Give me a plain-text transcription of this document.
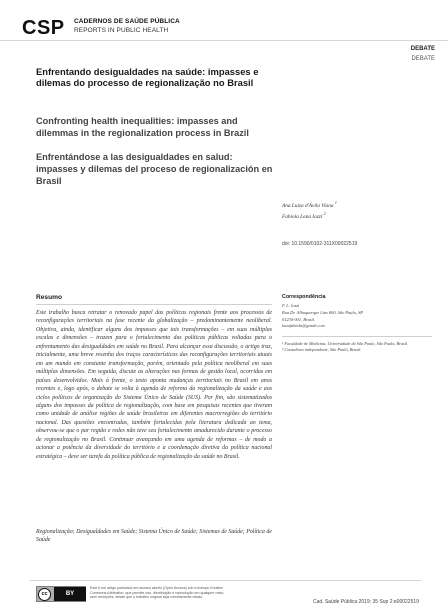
CSP CADERNOS DE SAÚDE PÚBLICA
REPORTS IN PUBLIC HEALTH
DEBATE
DEBATE
Enfrentando desigualdades na saúde: impasses e dilemas do processo de regionalização no Brasil
Confronting health inequalities: impasses and dilemmas in the regionalization process in Brazil
Enfrentándose a las desigualdades en salud: impasses y dilemas del proceso de regionalización en Brasil
Ana Luiza d'Ávila Viana $^1$
Fabíola Lana Iozzi $^2$
doi: 10.1590/0102-311X00022519
Resumo

Este trabalho busca retratar o renovado papel das políticas regionais frente aos processos de reconfigurações territoriais na fase recente da globalização – predominantemente neoliberal. Objetiva, ainda, identificar alguns dos impasses que tais transformações – em suas múltiplas escalas e dimensões – trazem para o fortalecimento das políticas públicas voltadas para o enfrentamento das desigualdades em saúde no Brasil. Para alcançar essa discussão, o artigo traz, inicialmente, uma breve resenha dos traços característicos das reconfigurações territoriais atuais em um mundo em constante transformação, porém, orientado pela política neoliberal em suas múltiplas dimensões. Em seguida, discute as alterações nas formas de gestão local, ocorridas em países desenvolvidos. Mais à frente, o texto aponta mudanças territoriais no Brasil em anos recentes e, logo após, o debate se volta à agenda de reforma da regionalização da saúde e aos ciclos políticos de organização do Sistema Único de Saúde (SUS). Por fim, são sistematizados alguns dos impasses da política de regionalização, com base em pesquisas recentes que tiveram como unidade de análise regiões de saúde brasileiras em diferentes macrorregiões do território nacional. Das questões encontradas, também fortalecidas pela literatura dedicada ao tema, observou-se que o par região e redes não teve seu fortalecimento amadurecido durante o processo de regionalização no Brasil. Continuar avançando em uma agenda de reformas – de modo a acionar a potência da diversidade do território e a coordenação diretiva da política nacional estratégica – deve ser tarefa da política pública de regionalização da saúde no Brasil.

Regionalização; Desigualdades em Saúde; Sistema Único de Saúde; Sistemas de Saúde; Política de Saúde

Correspondência
F. L. Iozzi
Rua Dr. Albuquerque Lins 800, São Paulo, SP
01230-001, Brasil.
lanafabiola@gmail.com
¹ Faculdade de Medicina, Universidade de São Paulo, São Paulo, Brasil.
² Consultora independente, São Paulo, Brasil.
cc	BY

Este é um artigo publicado em acesso aberto (Open Access) sob a licença Creative Commons Attribution, que permite uso, distribuição e reprodução em qualquer meio, sem restrições, desde que o trabalho original seja corretamente citado.

Cad. Saúde Pública 2019; 35 Sup 2:e00022519
